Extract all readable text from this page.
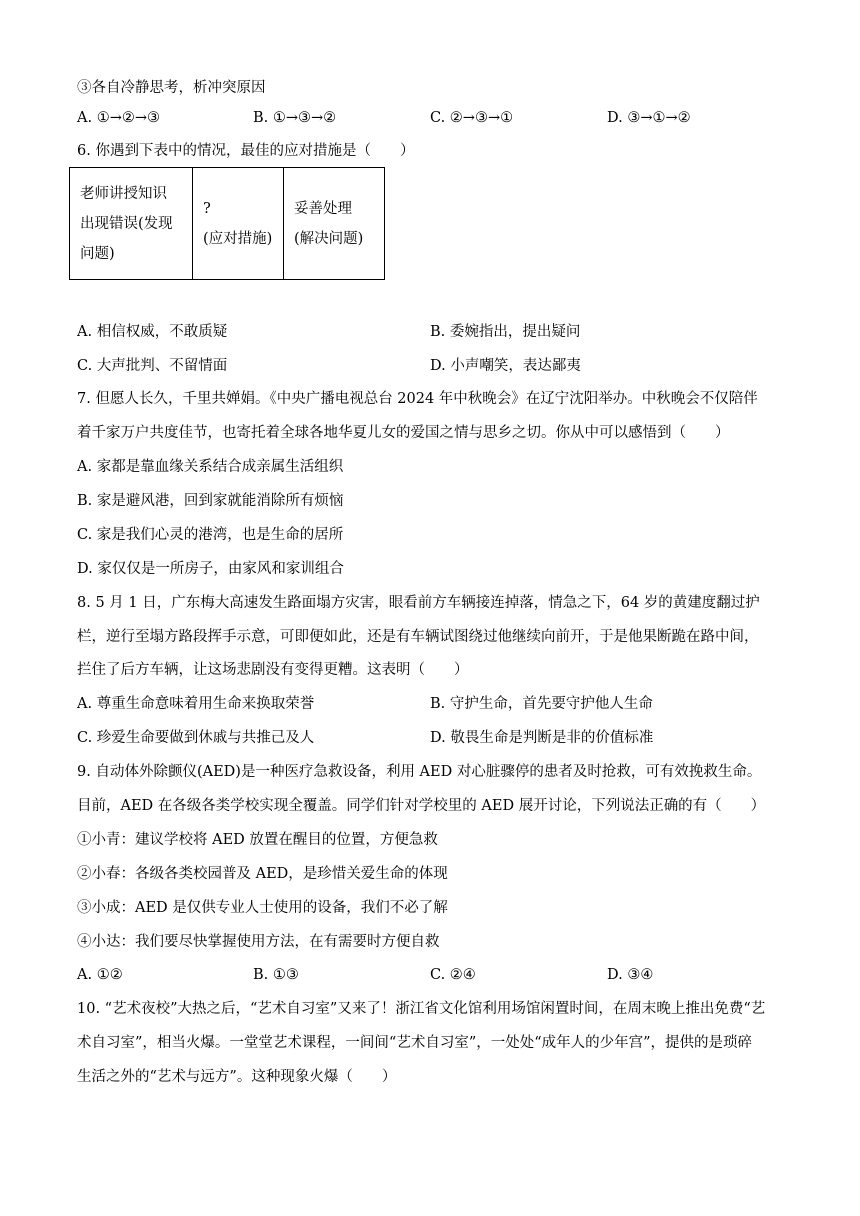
③各自冷静思考，析冲突原因
A. ①→②→③	B. ①→③→②	C. ②→③→①	D. ③→①→②
6. 你遇到下表中的情况，最佳的应对措施是（　　）
老师讲授知识
出现错误(发现
问题)

?
(应对措施)

妥善处理
(解决问题)
A. 相信权威，不敢质疑	B. 委婉指出，提出疑问
C. 大声批判、不留情面	D. 小声嘲笑，表达鄙夷
7. 但愿人长久，千里共婵娟。《中央广播电视总台 2024 年中秋晚会》在辽宁沈阳举办。中秋晚会不仅陪伴
着千家万户共度佳节，也寄托着全球各地华夏儿女的爱国之情与思乡之切。你从中可以感悟到（　　）
A. 家都是靠血缘关系结合成亲属生活组织
B. 家是避风港，回到家就能消除所有烦恼
C. 家是我们心灵的港湾，也是生命的居所
D. 家仅仅是一所房子，由家风和家训组合
8. 5 月 1 日，广东梅大高速发生路面塌方灾害，眼看前方车辆接连掉落，情急之下，64 岁的黄建度翻过护
栏，逆行至塌方路段挥手示意，可即便如此，还是有车辆试图绕过他继续向前开，于是他果断跪在路中间，
拦住了后方车辆，让这场悲剧没有变得更糟。这表明（　　）
A. 尊重生命意味着用生命来换取荣誉	B. 守护生命，首先要守护他人生命
C. 珍爱生命要做到休戚与共推己及人	D. 敬畏生命是判断是非的价值标准
9. 自动体外除颤仪(AED)是一种医疗急救设备，利用 AED 对心脏骤停的患者及时抢救，可有效挽救生命。
目前，AED 在各级各类学校实现全覆盖。同学们针对学校里的 AED 展开讨论，下列说法正确的有（　　）
①小青：建议学校将 AED 放置在醒目的位置，方便急救
②小春：各级各类校园普及 AED，是珍惜关爱生命的体现
③小成：AED 是仅供专业人士使用的设备，我们不必了解
④小达：我们要尽快掌握使用方法，在有需要时方便自救
A. ①②	B. ①③	C. ②④	D. ③④
10. “艺术夜校”大热之后，“艺术自习室”又来了！浙江省文化馆利用场馆闲置时间，在周末晚上推出免费“艺
术自习室”，相当火爆。一堂堂艺术课程，一间间“艺术自习室”，一处处“成年人的少年宫”，提供的是琐碎
生活之外的“艺术与远方”。这种现象火爆（　　）
